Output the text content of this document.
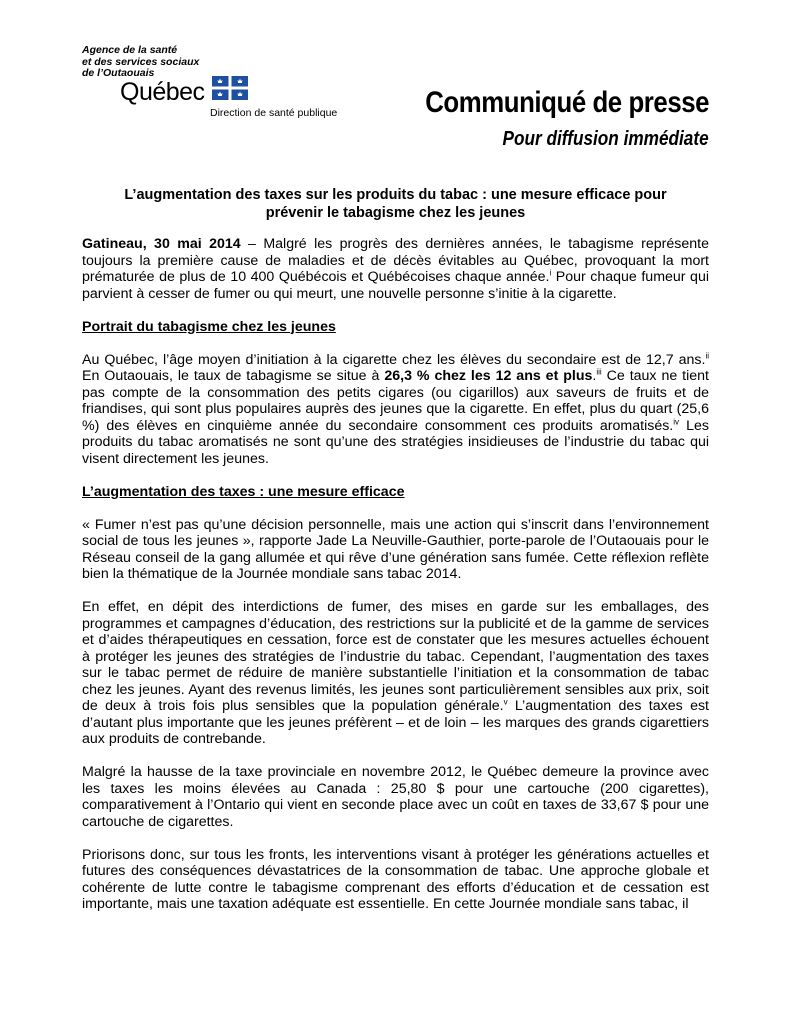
Agence de la santé
et des services sociaux
de l’Outaouais
Québec
Direction de santé publique	Communiqué de presse
Pour diffusion immédiate
L’augmentation des taxes sur les produits du tabac : une mesure efficace pour
prévenir le tabagisme chez les jeunes

Gatineau, 30 mai 2014 – Malgré les progrès des dernières années, le tabagisme représente toujours la première cause de maladies et de décès évitables au Québec, provoquant la mort prématurée de plus de 10 400 Québécois et Québécoises chaque année.$^i$ Pour chaque fumeur qui parvient à cesser de fumer ou qui meurt, une nouvelle personne s’initie à la cigarette.

Portrait du tabagisme chez les jeunes

Au Québec, l’âge moyen d’initiation à la cigarette chez les élèves du secondaire est de 12,7 ans.$^{ii}$ En Outaouais, le taux de tabagisme se situe à 26,3 % chez les 12 ans et plus.$^{iii}$ Ce taux ne tient pas compte de la consommation des petits cigares (ou cigarillos) aux saveurs de fruits et de friandises, qui sont plus populaires auprès des jeunes que la cigarette. En effet, plus du quart (25,6 %) des élèves en cinquième année du secondaire consomment ces produits aromatisés.$^{iv}$ Les produits du tabac aromatisés ne sont qu’une des stratégies insidieuses de l’industrie du tabac qui visent directement les jeunes.

L’augmentation des taxes : une mesure efficace

« Fumer n’est pas qu’une décision personnelle, mais une action qui s’inscrit dans l’environnement social de tous les jeunes », rapporte Jade La Neuville-Gauthier, porte-parole de l’Outaouais pour le Réseau conseil de la gang allumée et qui rêve d’une génération sans fumée. Cette réflexion reflète bien la thématique de la Journée mondiale sans tabac 2014.

En effet, en dépit des interdictions de fumer, des mises en garde sur les emballages, des programmes et campagnes d’éducation, des restrictions sur la publicité et de la gamme de services et d’aides thérapeutiques en cessation, force est de constater que les mesures actuelles échouent à protéger les jeunes des stratégies de l’industrie du tabac. Cependant, l’augmentation des taxes sur le tabac permet de réduire de manière substantielle l’initiation et la consommation de tabac chez les jeunes. Ayant des revenus limités, les jeunes sont particulièrement sensibles aux prix, soit de deux à trois fois plus sensibles que la population générale.$^v$ L’augmentation des taxes est d’autant plus importante que les jeunes préfèrent – et de loin – les marques des grands cigarettiers aux produits de contrebande.

Malgré la hausse de la taxe provinciale en novembre 2012, le Québec demeure la province avec les taxes les moins élevées au Canada : 25,80 $ pour une cartouche (200 cigarettes), comparativement à l’Ontario qui vient en seconde place avec un coût en taxes de 33,67 $ pour une cartouche de cigarettes.

Priorisons donc, sur tous les fronts, les interventions visant à protéger les générations actuelles et futures des conséquences dévastatrices de la consommation de tabac. Une approche globale et cohérente de lutte contre le tabagisme comprenant des efforts d’éducation et de cessation est importante, mais une taxation adéquate est essentielle. En cette Journée mondiale sans tabac, il
